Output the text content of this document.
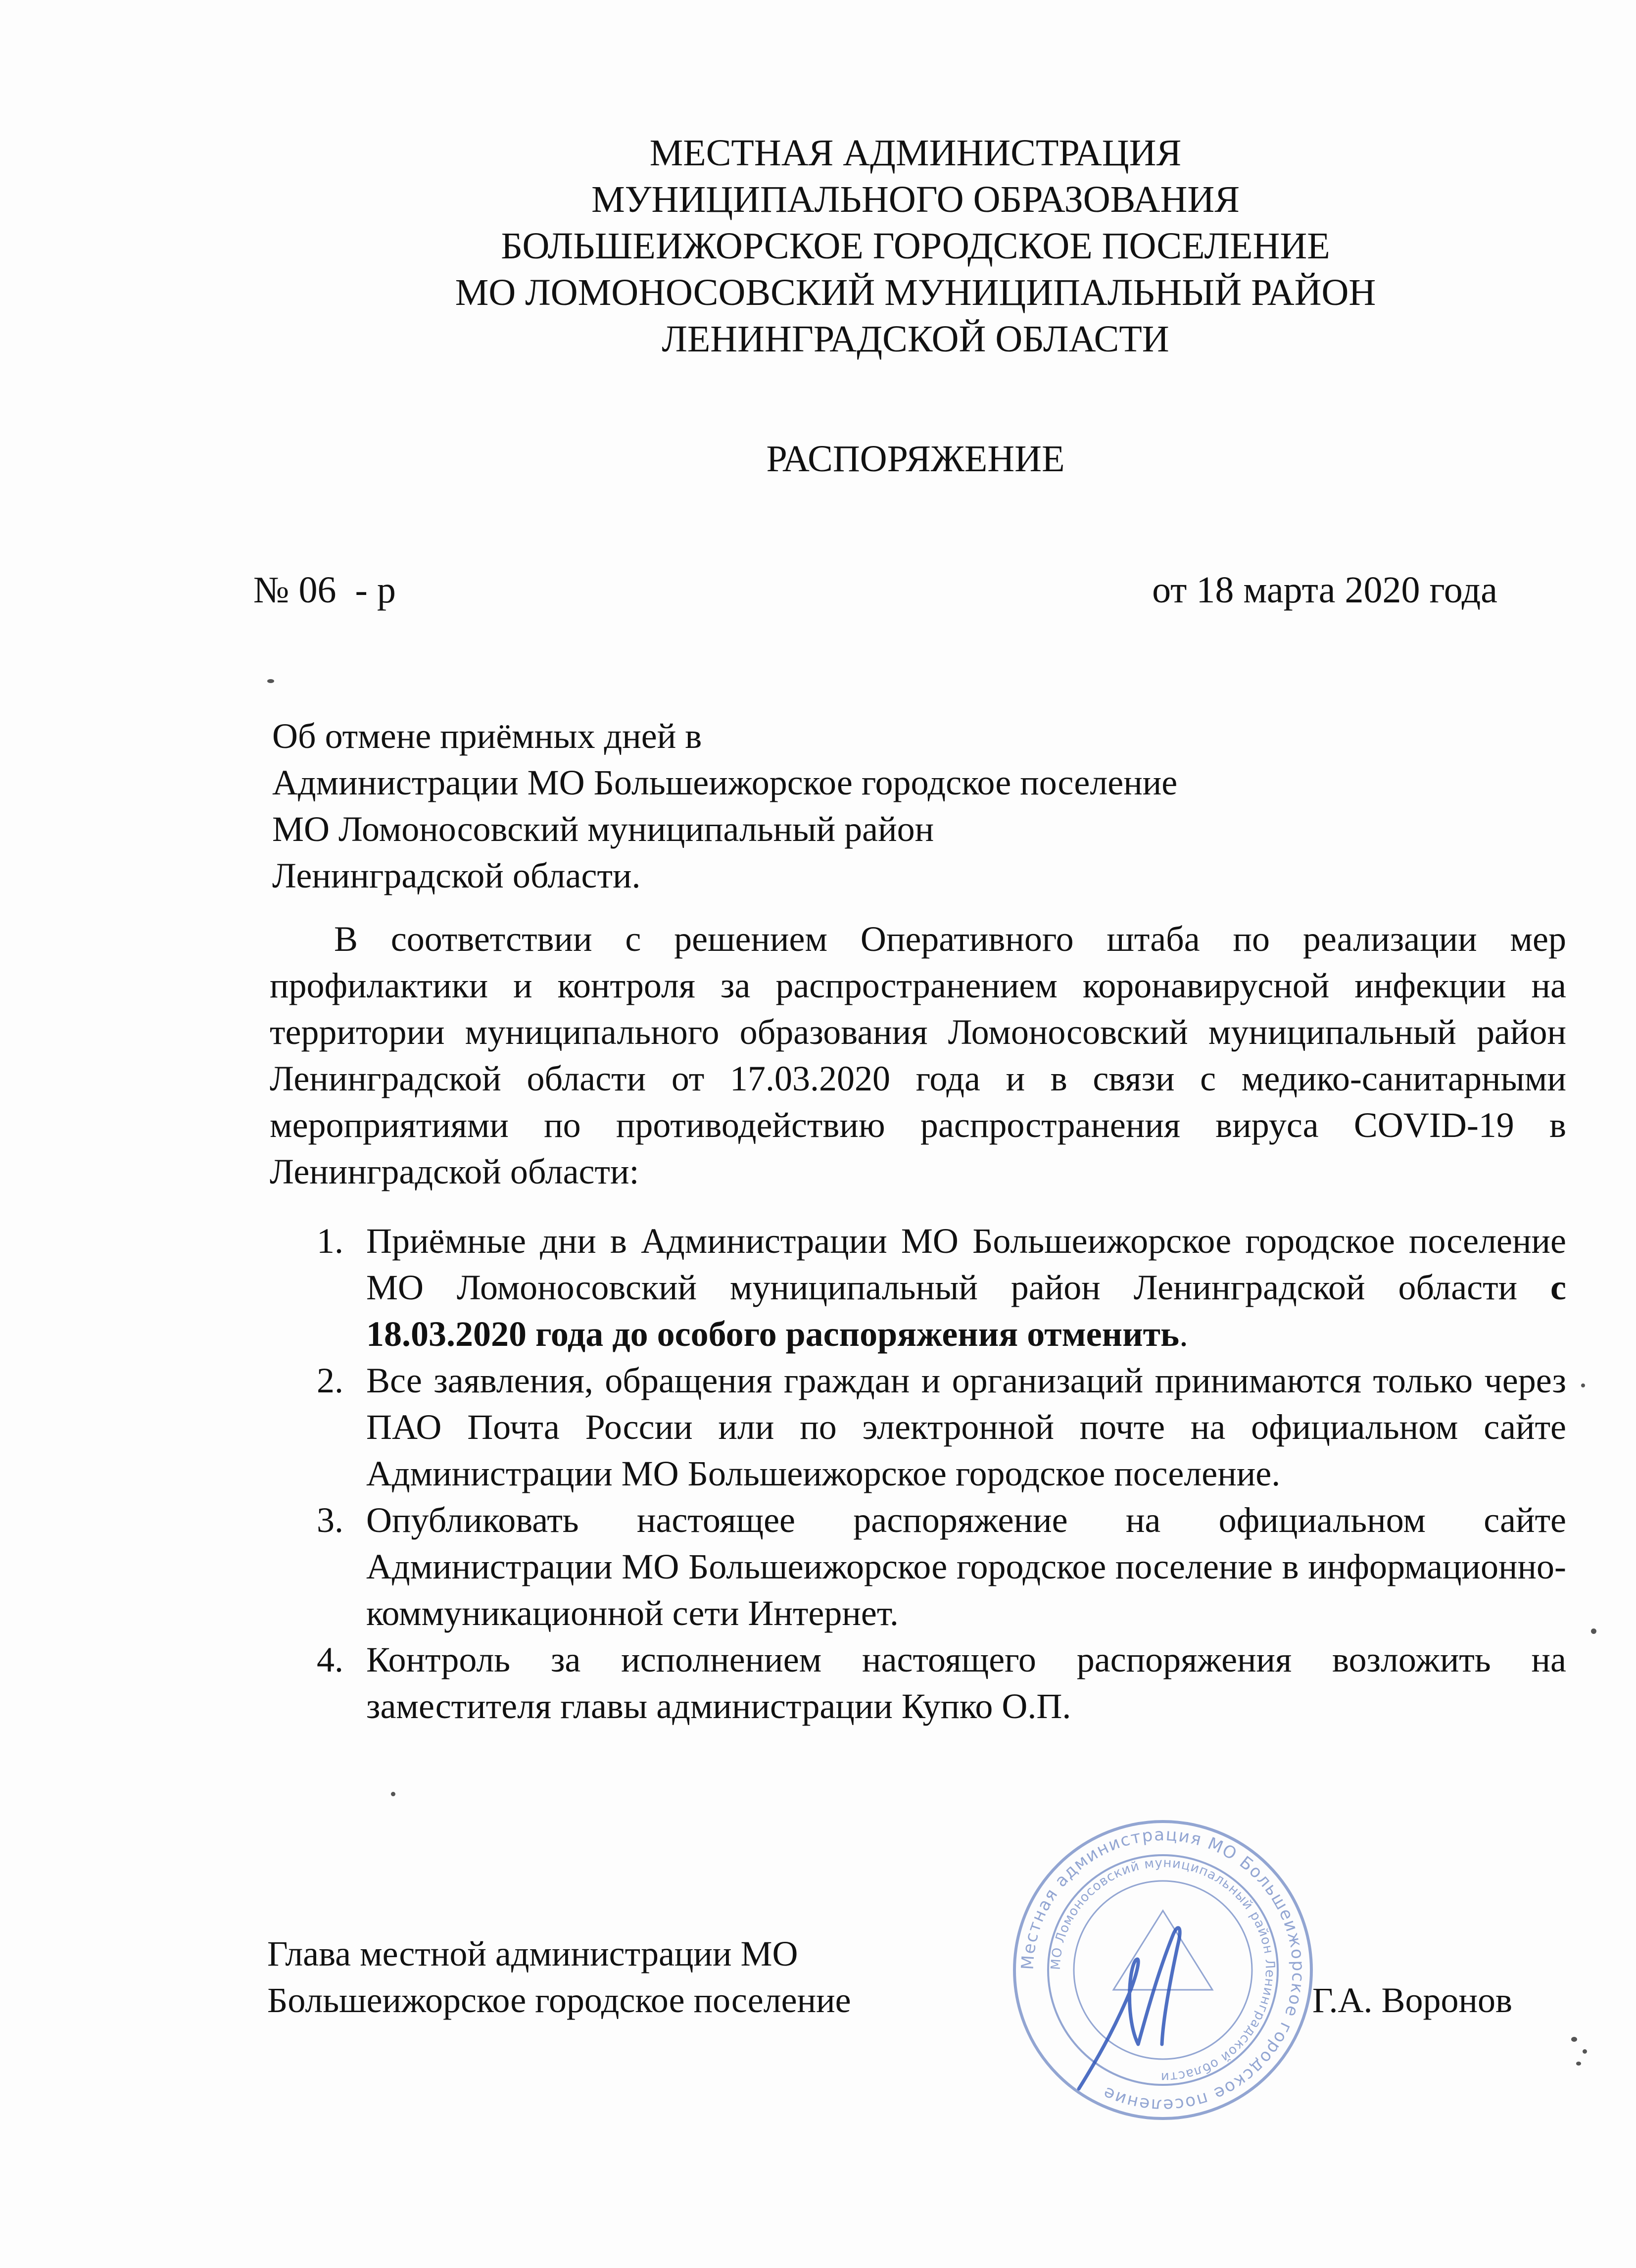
МЕСТНАЯ АДМИНИСТРАЦИЯ
МУНИЦИПАЛЬНОГО ОБРАЗОВАНИЯ
БОЛЬШЕИЖОРСКОЕ ГОРОДСКОЕ ПОСЕЛЕНИЕ
МО ЛОМОНОСОВСКИЙ МУНИЦИПАЛЬНЫЙ РАЙОН
ЛЕНИНГРАДСКОЙ ОБЛАСТИ
РАСПОРЯЖЕНИЕ
№ 06  - р	от 18 марта 2020 года
Об отмене приёмных дней в
Администрации МО Большеижорское городское поселение
МО Ломоносовский муниципальный район
Ленинградской области.
В соответствии с решением Оперативного штаба по реализации мер профилактики и контроля за распространением коронавирусной инфекции на территории муниципального образования Ломоносовский муниципальный район Ленинградской области от 17.03.2020 года и в связи с медико-санитарными мероприятиями по противодействию распространения вируса COVID-19 в Ленинградской области:
1. Приёмные дни в Администрации МО Большеижорское городское поселение МО Ломоносовский муниципальный район Ленинградской области с 18.03.2020 года до особого распоряжения отменить.
2. Все заявления, обращения граждан и организаций принимаются только через ПАО Почта России или по электронной почте на официальном сайте Администрации МО Большеижорское городское поселение.
3. Опубликовать настоящее распоряжение на официальном сайте Администрации МО Большеижорское городское поселение в информационно-коммуникационной сети Интернет.
4. Контроль за исполнением настоящего распоряжения возложить на заместителя главы администрации Купко О.П.
Глава местной администрации МО
Большеижорское городское поселение	Г.А. Воронов
Местная администрация МО Большеижорское городское поселение
МО Ломоносовский муниципальный район Ленинградской области
